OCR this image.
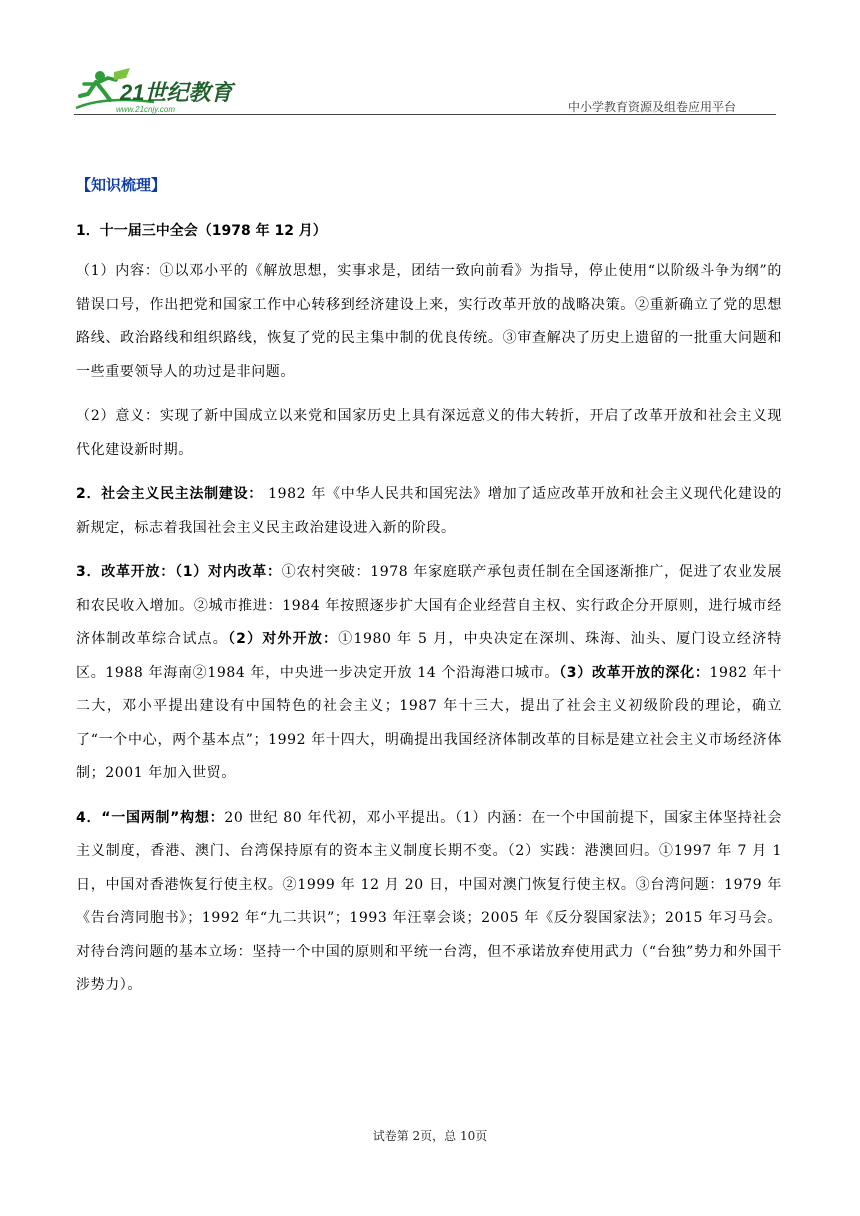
21世纪教育
www.21cnjy.com	中小学教育资源及组卷应用平台

【知识梳理】

1．十一届三中全会（1978 年 12 月）

（1）内容：①以邓小平的《解放思想，实事求是，团结一致向前看》为指导，停止使用“以阶级斗争为纲”的错误口号，作出把党和国家工作中心转移到经济建设上来，实行改革开放的战略决策。②重新确立了党的思想路线、政治路线和组织路线，恢复了党的民主集中制的优良传统。③审查解决了历史上遗留的一批重大问题和一些重要领导人的功过是非问题。

（2）意义：实现了新中国成立以来党和国家历史上具有深远意义的伟大转折，开启了改革开放和社会主义现代化建设新时期。

2．社会主义民主法制建设： 1982 年《中华人民共和国宪法》增加了适应改革开放和社会主义现代化建设的新规定，标志着我国社会主义民主政治建设进入新的阶段。

3．改革开放：（1）对内改革：①农村突破：1978 年家庭联产承包责任制在全国逐渐推广，促进了农业发展和农民收入增加。②城市推进：1984 年按照逐步扩大国有企业经营自主权、实行政企分开原则，进行城市经济体制改革综合试点。（2）对外开放：①1980 年 5 月，中央决定在深圳、珠海、汕头、厦门设立经济特区。1988 年海南②1984 年，中央进一步决定开放 14 个沿海港口城市。（3）改革开放的深化：1982 年十二大，邓小平提出建设有中国特色的社会主义；1987 年十三大，提出了社会主义初级阶段的理论，确立了“一个中心，两个基本点”；1992 年十四大，明确提出我国经济体制改革的目标是建立社会主义市场经济体制；2001 年加入世贸。

4．“一国两制”构想：20 世纪 80 年代初，邓小平提出。（1）内涵：在一个中国前提下，国家主体坚持社会主义制度，香港、澳门、台湾保持原有的资本主义制度长期不变。（2）实践：港澳回归。①1997 年 7 月 1 日，中国对香港恢复行使主权。②1999 年 12 月 20 日，中国对澳门恢复行使主权。③台湾问题：1979 年《告台湾同胞书》；1992 年“九二共识”；1993 年汪辜会谈；2005 年《反分裂国家法》；2015 年习马会。对待台湾问题的基本立场：坚持一个中国的原则和平统一台湾，但不承诺放弃使用武力（“台独”势力和外国干涉势力）。

试卷第 2页，总 10页
